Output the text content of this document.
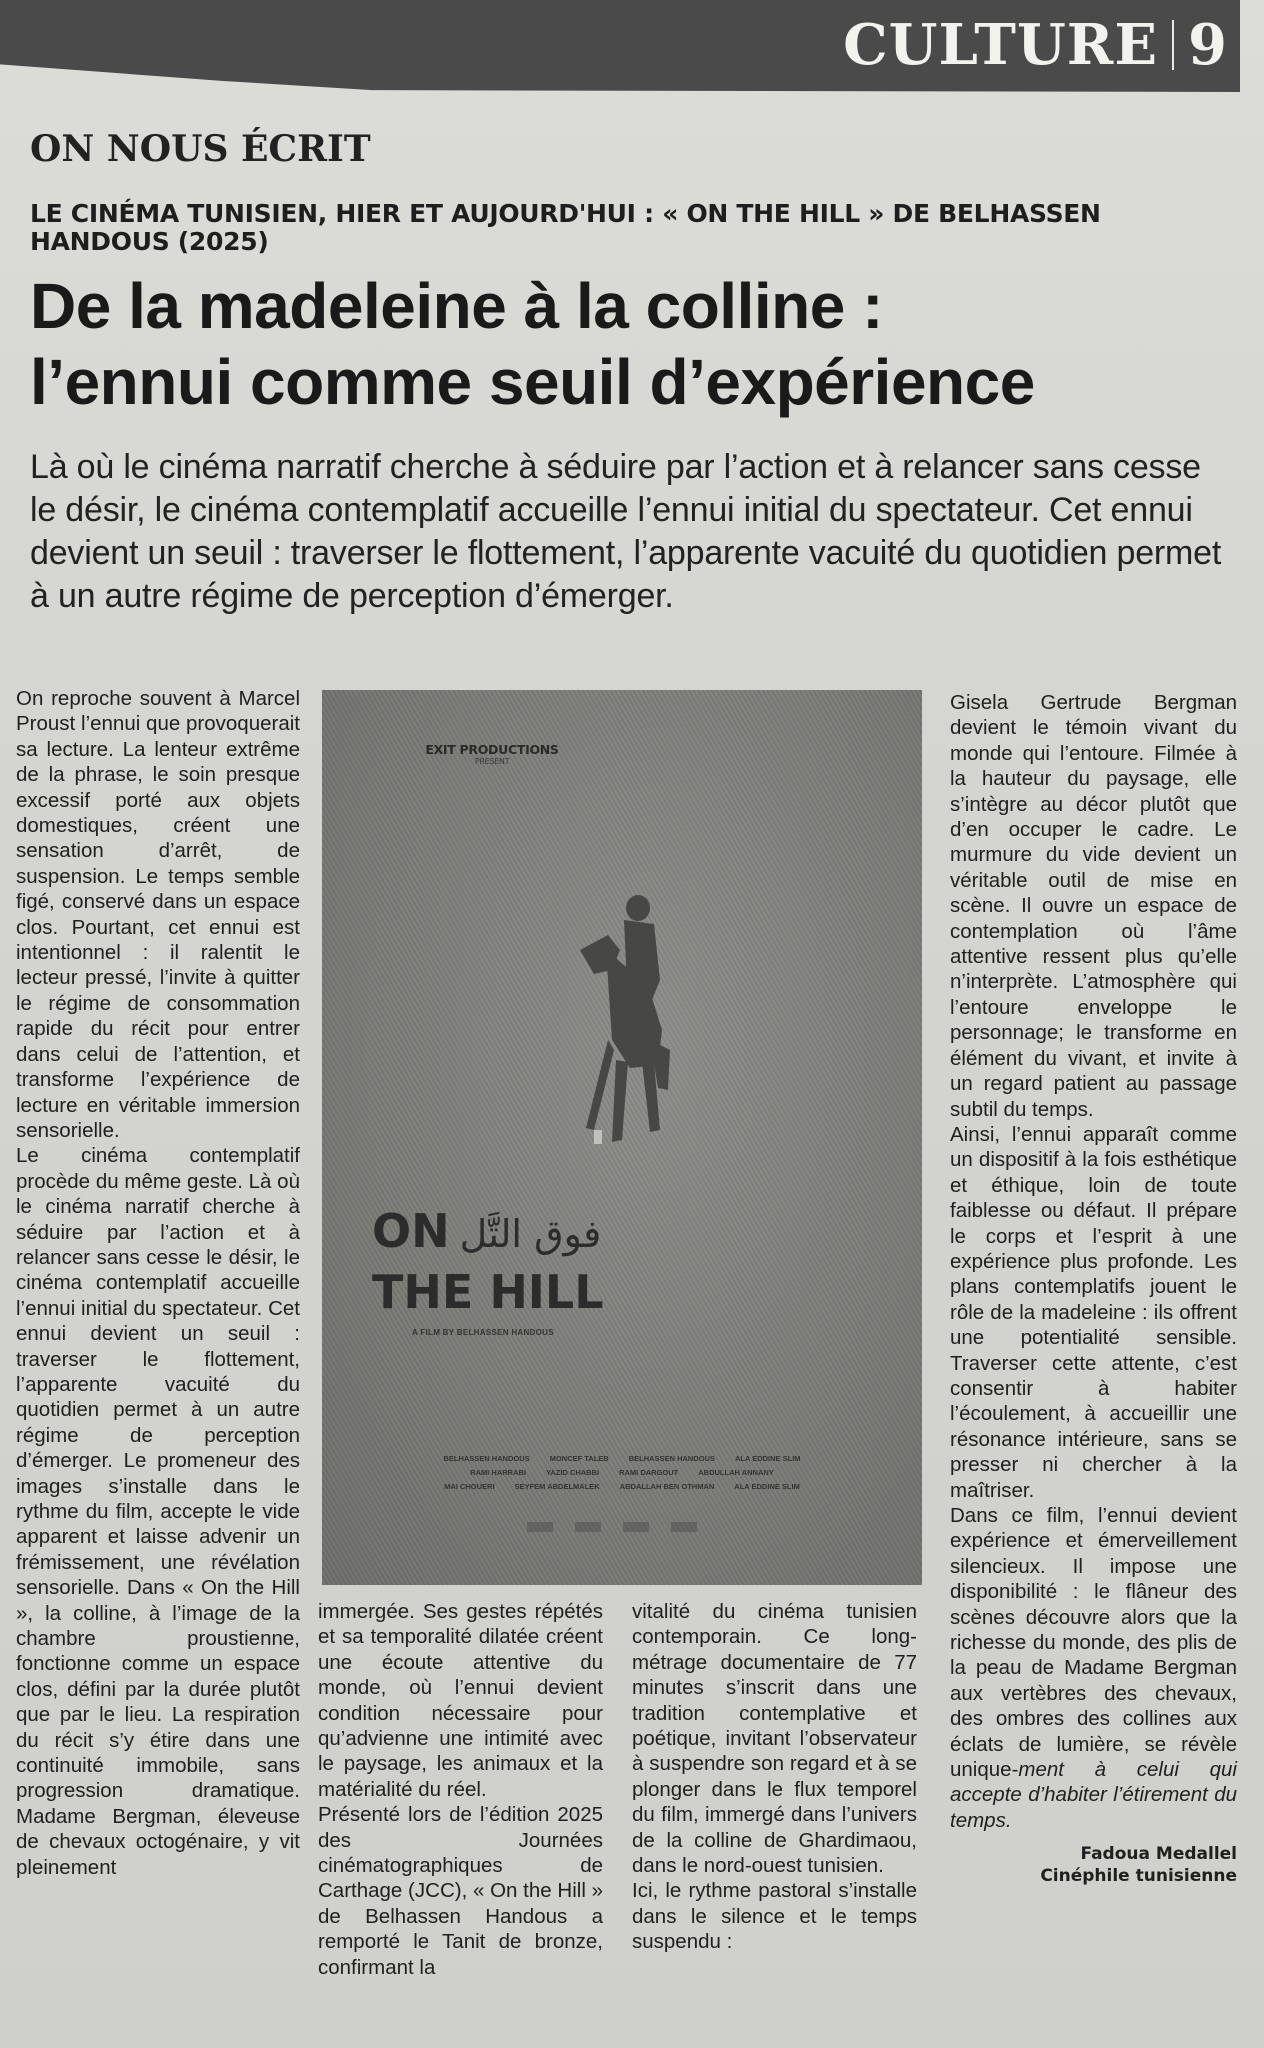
CULTURE 9
ON NOUS ÉCRIT
LE CINÉMA TUNISIEN, HIER ET AUJOURD'HUI : « ON THE HILL » DE BELHASSEN HANDOUS (2025)
De la madeleine à la colline :
l’ennui comme seuil d’expérience
Là où le cinéma narratif cherche à séduire par l’action et à relancer sans cesse le désir, le cinéma contemplatif accueille l’ennui initial du spectateur. Cet ennui devient un seuil : traverser le flottement, l’apparente vacuité du quotidien permet à un autre régime de perception d’émerger.

On reproche souvent à Marcel Proust l’ennui que provoquerait sa lecture. La lenteur extrême de la phrase, le soin presque excessif porté aux objets domestiques, créent une sensation d’arrêt, de suspension. Le temps semble figé, conservé dans un espace clos. Pourtant, cet ennui est intentionnel : il ralentit le lecteur pressé, l’invite à quitter le régime de consommation rapide du récit pour entrer dans celui de l’attention, et transforme l’expérience de lecture en véritable immersion sensorielle.

Le cinéma contemplatif procède du même geste. Là où le cinéma narratif cherche à séduire par l’action et à relancer sans cesse le désir, le cinéma contemplatif accueille l’ennui initial du spectateur. Cet ennui devient un seuil : traverser le flottement, l’apparente vacuité du quotidien permet à un autre régime de perception d’émerger. Le promeneur des images s’installe dans le rythme du film, accepte le vide apparent et laisse advenir un frémissement, une révélation sensorielle. Dans « On the Hill », la colline, à l’image de la chambre proustienne, fonctionne comme un espace clos, défini par la durée plutôt que par le lieu. La respiration du récit s’y étire dans une continuité immobile, sans progression dramatique. Madame Bergman, éleveuse de chevaux octogénaire, y vit pleinement

EXIT PRODUCTIONS
PRESENT
ON فوق التَّل
THE HILL
A FILM BY BELHASSEN HANDOUS
BELHASSEN HANDOUS	MONCEF TALEB	BELHASSEN HANDOUS	ALA EDDINE SLIM
RAMI HARRABI	YAZID CHABBI	RAMI DARGOUT	ABDULLAH ANNANY
MAI CHOUERI	SEYFEM ABDELMALEK	ABDALLAH BEN OTHMAN	ALA EDDINE SLIM

immergée. Ses gestes répétés et sa temporalité dilatée créent une écoute attentive du monde, où l’ennui devient condition nécessaire pour qu’advienne une intimité avec le paysage, les animaux et la matérialité du réel.

Présenté lors de l’édition 2025 des Journées cinématographiques de Carthage (JCC), « On the Hill » de Belhassen Handous a remporté le Tanit de bronze, confirmant la

vitalité du cinéma tunisien contemporain. Ce long-métrage documentaire de 77 minutes s’inscrit dans une tradition contemplative et poétique, invitant l’observateur à suspendre son regard et à se plonger dans le flux temporel du film, immergé dans l’univers de la colline de Ghardimaou, dans le nord-ouest tunisien.

Ici, le rythme pastoral s’installe dans le silence et le temps suspendu :

Gisela Gertrude Bergman devient le témoin vivant du monde qui l’entoure. Filmée à la hauteur du paysage, elle s’intègre au décor plutôt que d’en occuper le cadre. Le murmure du vide devient un véritable outil de mise en scène. Il ouvre un espace de contemplation où l’âme attentive ressent plus qu’elle n’interprète. L’atmosphère qui l’entoure enveloppe le personnage; le transforme en élément du vivant, et invite à un regard patient au passage subtil du temps.

Ainsi, l’ennui apparaît comme un dispositif à la fois esthétique et éthique, loin de toute faiblesse ou défaut. Il prépare le corps et l’esprit à une expérience plus profonde. Les plans contemplatifs jouent le rôle de la madeleine : ils offrent une potentialité sensible. Traverser cette attente, c’est consentir à habiter l’écoulement, à accueillir une résonance intérieure, sans se presser ni chercher à la maîtriser.

Dans ce film, l’ennui devient expérience et émerveillement silencieux. Il impose une disponibilité : le flâneur des scènes découvre alors que la richesse du monde, des plis de la peau de Madame Bergman aux vertèbres des chevaux, des ombres des collines aux éclats de lumière, se révèle unique-ment à celui qui accepte d’habiter l’étirement du temps.

Fadoua Medallel
Cinéphile tunisienne
